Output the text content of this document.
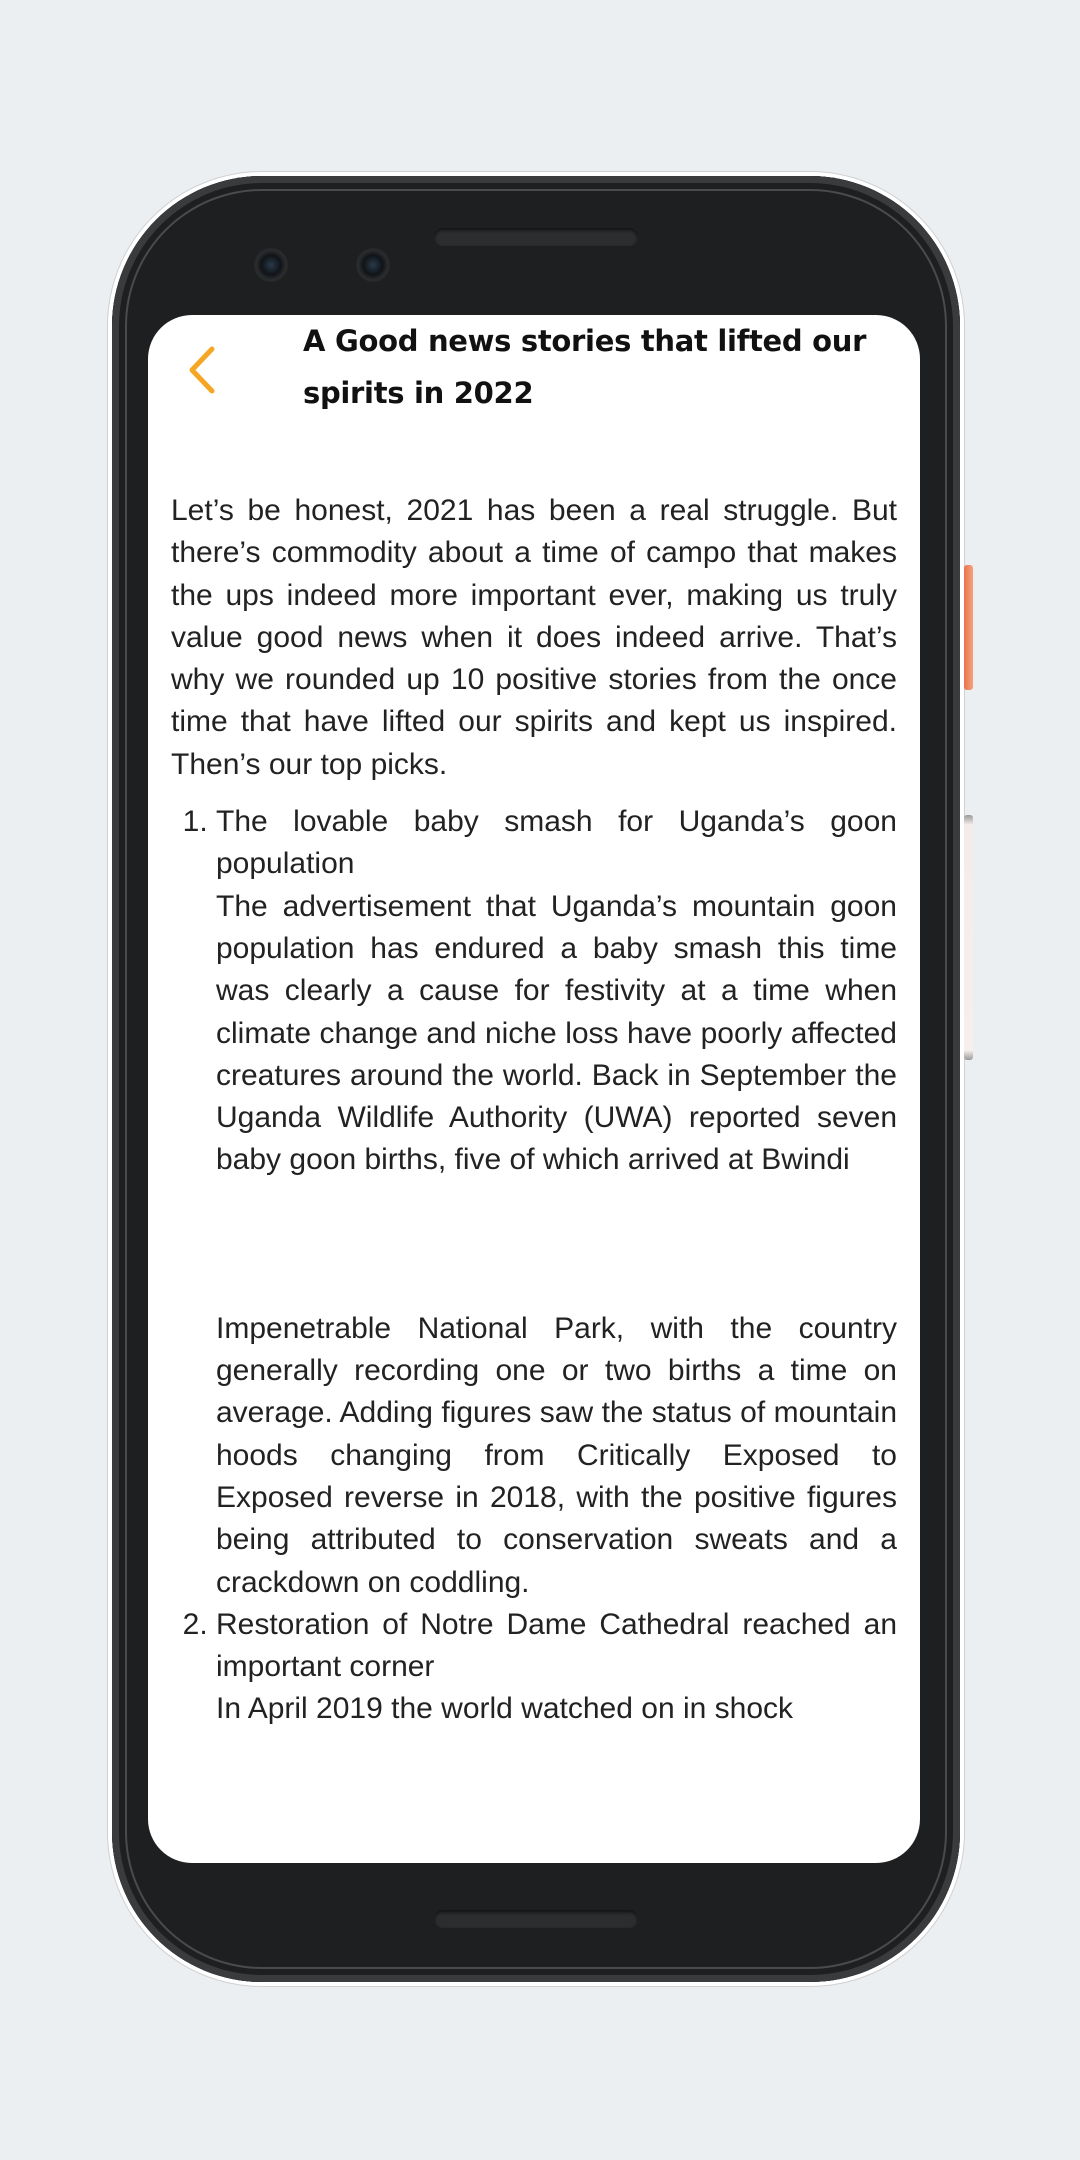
A Good news stories that lifted our spirits in 2022

Let’s be honest, 2021 has been a real struggle. But there’s commodity about a time of campo that makes the ups indeed more important ever, making us truly value good news when it does indeed arrive. That’s why we rounded up 10 positive stories from the once time that have lifted our spirits and kept us inspired. Then’s our top picks.

1. The lovable baby smash for Uganda’s goon population

The advertisement that Uganda’s mountain goon population has endured a baby smash this time was clearly a cause for festivity at a time when climate change and niche loss have poorly affected creatures around the world. Back in September the Uganda Wildlife Authority (UWA) reported seven baby goon births, five of which arrived at Bwindi

Impenetrable National Park, with the country generally recording one or two births a time on average. Adding figures saw the status of mountain hoods changing from Critically Exposed to Exposed reverse in 2018, with the positive figures being attributed to conservation sweats and a crackdown on coddling.

2. Restoration of Notre Dame Cathedral reached an important corner

In April 2019 the world watched on in shock
